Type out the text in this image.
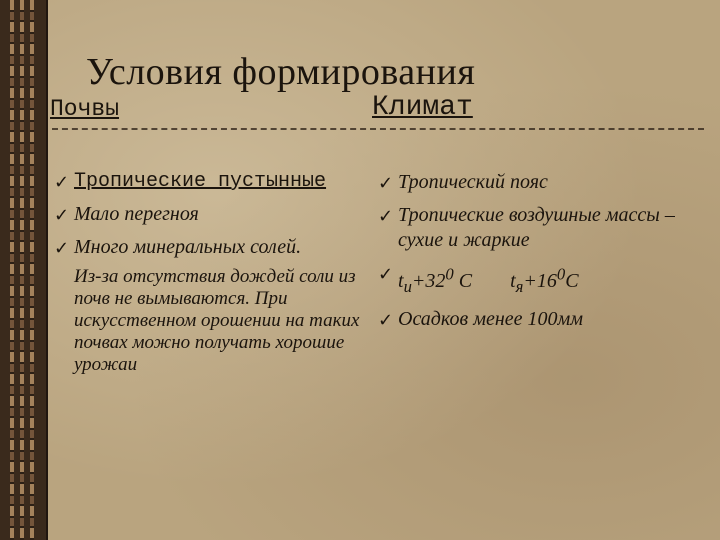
Условия формирования
Почвы	Климат
✓ Тропические пустынные
✓ Мало перегноя
✓ Много минеральных солей.
Из-за отсутствия дождей соли из почв не вымываются. При искусственном орошении на таких почвах можно получать хорошие урожаи
✓ Тропический пояс
✓ Тропические воздушные массы – сухие и жаркие
✓ $t_и+32^0$ С $t_я+16^0С$
✓ Осадков менее 100мм
